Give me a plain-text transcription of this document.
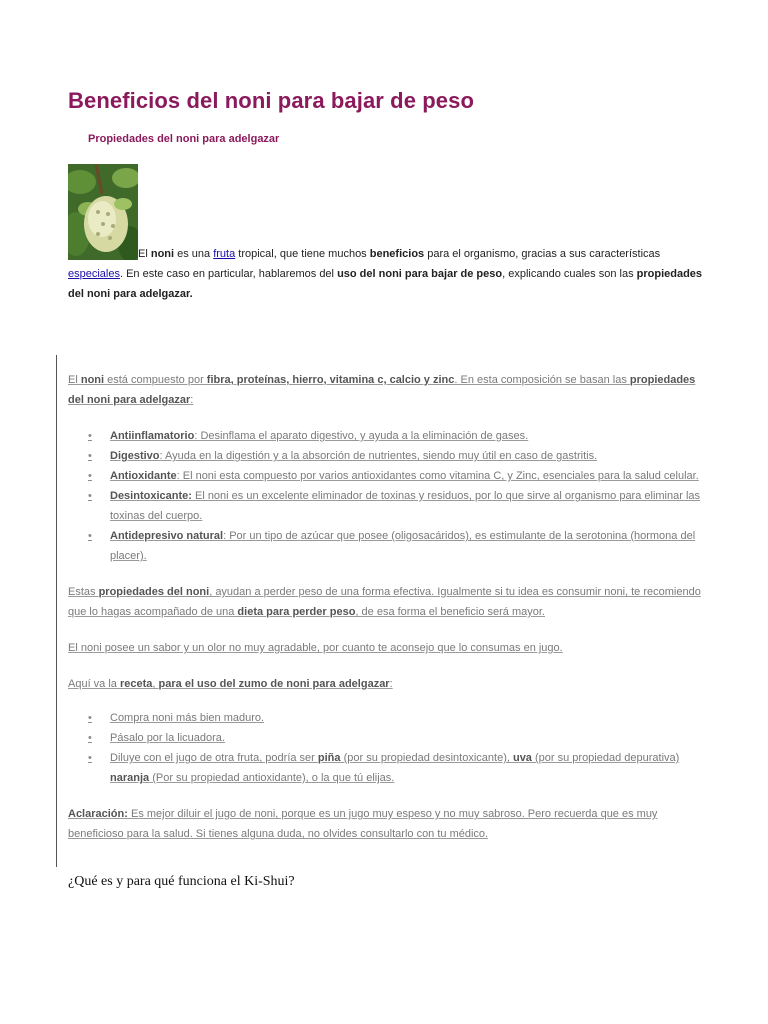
Beneficios del noni para bajar de peso
Propiedades del noni para adelgazar

El noni es una fruta tropical, que tiene muchos beneficios para el organismo, gracias a sus características especiales. En este caso en particular, hablaremos del uso del noni para bajar de peso, explicando cuales son las propiedades del noni para adelgazar.

El noni está compuesto por fibra, proteínas, hierro, vitamina c, calcio y zinc. En esta composición se basan las propiedades del noni para adelgazar:

• Antiinflamatorio: Desinflama el aparato digestivo, y ayuda a la eliminación de gases.
• Digestivo: Ayuda en la digestión y a la absorción de nutrientes, siendo muy útil en caso de gastritis.
• Antioxidante: El noni esta compuesto por varios antioxidantes como vitamina C, y Zinc, esenciales para la salud celular.
• Desintoxicante: El noni es un excelente eliminador de toxinas y residuos, por lo que sirve al organismo para eliminar las toxinas del cuerpo.
• Antidepresivo natural: Por un tipo de azúcar que posee (oligosacáridos), es estimulante de la serotonina (hormona del placer).

Estas propiedades del noni, ayudan a perder peso de una forma efectiva. Igualmente si tu idea es consumir noni, te recomiendo que lo hagas acompañado de una dieta para perder peso, de esa forma el beneficio será mayor.

El noni posee un sabor y un olor no muy agradable, por cuanto te aconsejo que lo consumas en jugo.

Aquí va la receta, para el uso del zumo de noni para adelgazar:

• Compra noni más bien maduro.
• Pásalo por la licuadora.
• Diluye con el jugo de otra fruta, podría ser piña (por su propiedad desintoxicante), uva (por su propiedad depurativa) naranja (Por su propiedad antioxidante), o la que tú elijas.

Aclaración: Es mejor diluir el jugo de noni, porque es un jugo muy espeso y no muy sabroso. Pero recuerda que es muy beneficioso para la salud. Si tienes alguna duda, no olvides consultarlo con tu médico.

¿Qué es y para qué funciona el Ki-Shui?
